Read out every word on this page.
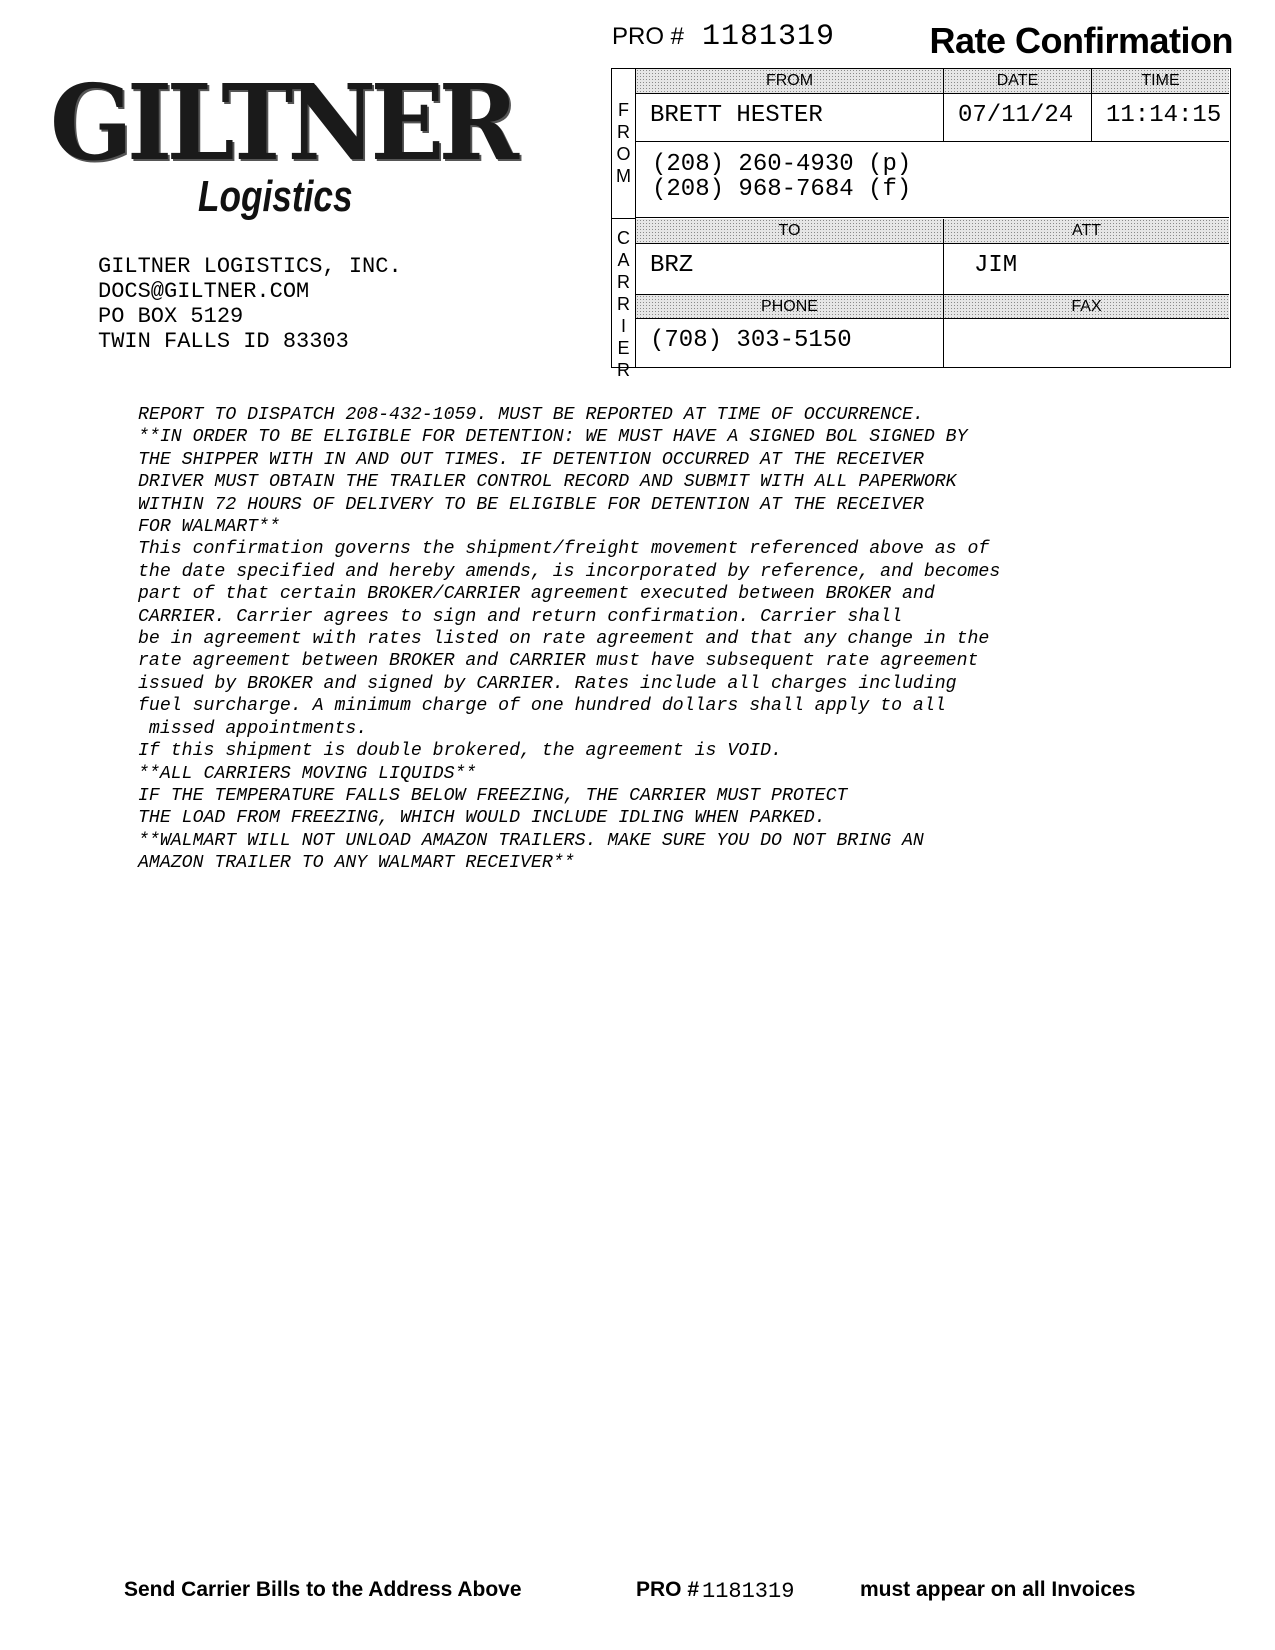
GILTNER
Logistics
GILTNER LOGISTICS, INC.
DOCS@GILTNER.COM
PO BOX 5129
TWIN FALLS ID 83303
PRO # 1181319	Rate Confirmation
F
R
O
M
C
A
R
R
I
E
R
FROM	DATE	TIME
BRETT HESTER	07/11/24	11:14:15
(208) 260-4930 (p)
(208) 968-7684 (f)
TO	ATT
BRZ	JIM
PHONE	FAX
(708) 303-5150
REPORT TO DISPATCH 208-432-1059. MUST BE REPORTED AT TIME OF OCCURRENCE.
**IN ORDER TO BE ELIGIBLE FOR DETENTION: WE MUST HAVE A SIGNED BOL SIGNED BY
THE SHIPPER WITH IN AND OUT TIMES. IF DETENTION OCCURRED AT THE RECEIVER
DRIVER MUST OBTAIN THE TRAILER CONTROL RECORD AND SUBMIT WITH ALL PAPERWORK
WITHIN 72 HOURS OF DELIVERY TO BE ELIGIBLE FOR DETENTION AT THE RECEIVER
FOR WALMART**
This confirmation governs the shipment/freight movement referenced above as of
the date specified and hereby amends, is incorporated by reference, and becomes
part of that certain BROKER/CARRIER agreement executed between BROKER and
CARRIER. Carrier agrees to sign and return confirmation. Carrier shall
be in agreement with rates listed on rate agreement and that any change in the
rate agreement between BROKER and CARRIER must have subsequent rate agreement
issued by BROKER and signed by CARRIER. Rates include all charges including
fuel surcharge. A minimum charge of one hundred dollars shall apply to all
missed appointments.
If this shipment is double brokered, the agreement is VOID.
**ALL CARRIERS MOVING LIQUIDS**
IF THE TEMPERATURE FALLS BELOW FREEZING, THE CARRIER MUST PROTECT
THE LOAD FROM FREEZING, WHICH WOULD INCLUDE IDLING WHEN PARKED.
**WALMART WILL NOT UNLOAD AMAZON TRAILERS. MAKE SURE YOU DO NOT BRING AN
AMAZON TRAILER TO ANY WALMART RECEIVER**
Send Carrier Bills to the Address Above	PRO # 1181319	must appear on all Invoices
